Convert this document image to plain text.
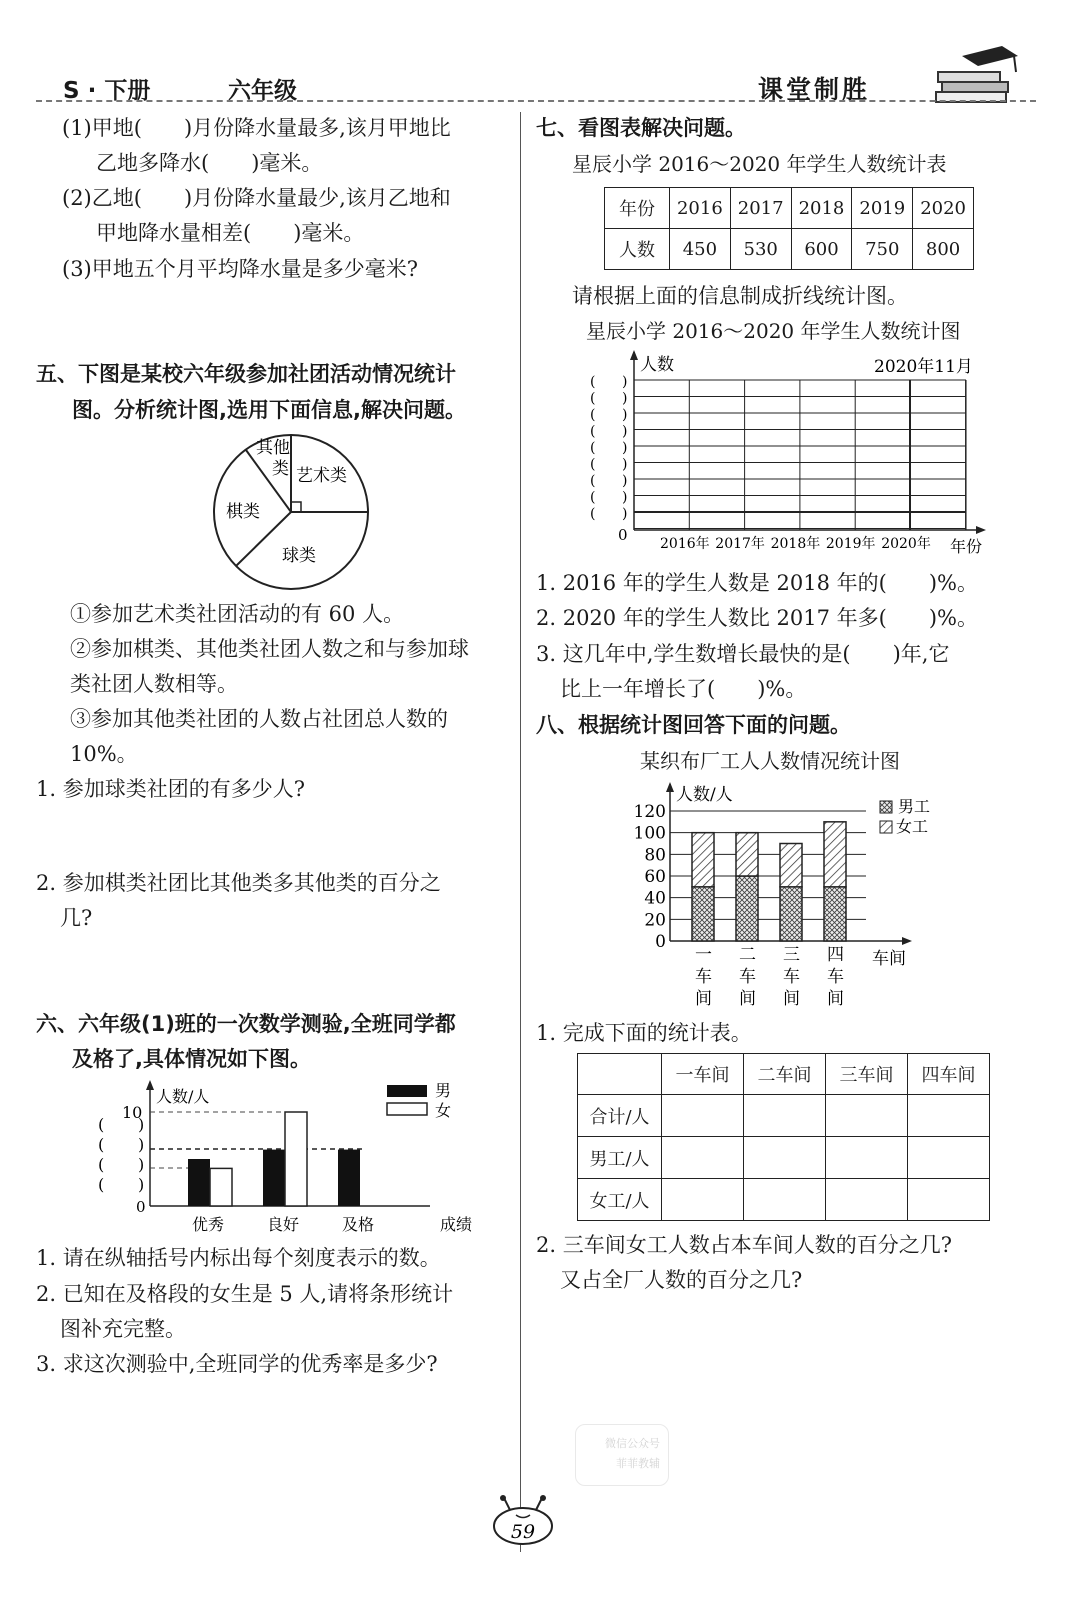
S · 下册	六年级	课堂制胜
(1)甲地(　　)月份降水量最多,该月甲地比
乙地多降水(　　)毫米。
(2)乙地(　　)月份降水量最少,该月乙地和
甲地降水量相差(　　)毫米。
(3)甲地五个月平均降水量是多少毫米?
五、下图是某校六年级参加社团活动情况统计
图。分析统计图,选用下面信息,解决问题。
其他
类 艺术类
棋类
球类
①参加艺术类社团活动的有 60 人。
②参加棋类、其他类社团人数之和与参加球
类社团人数相等。
③参加其他类社团的人数占社团总人数的
10%。
1. 参加球类社团的有多少人?
2. 参加棋类社团比其他类多其他类的百分之
几?
六、六年级(1)班的一次数学测验,全班同学都
及格了,具体情况如下图。
人数/人
10
0
( )
( )
( )
( )
男
女
优秀	良好	及格	成绩
1. 请在纵轴括号内标出每个刻度表示的数。
2. 已知在及格段的女生是 5 人,请将条形统计
图补充完整。
3. 求这次测验中,全班同学的优秀率是多少?
七、看图表解决问题。
星辰小学 2016～2020 年学生人数统计表
年份	2016	2017	2018	2019	2020
人数	450	530	600	750	800
请根据上面的信息制成折线统计图。
星辰小学 2016～2020 年学生人数统计图
人数	2020年11月
0
( )
( )
( )
( )
( )
( )
( )
( )
( )
2016年 2017年 2018年 2019年 2020年 年份
1. 2016 年的学生人数是 2018 年的(　　)%。
2. 2020 年的学生人数比 2017 年多(　　)%。
3. 这几年中,学生数增长最快的是(　　)年,它
比上一年增长了(　　)%。
八、根据统计图回答下面的问题。
某织布厂工人人数情况统计图
人数/人
0
20
40
60
80
100
120
一
车
间
二
车
间
三
车
间
四
车
间
车间
男工
女工
1. 完成下面的统计表。
	一车间	二车间	三车间	四车间
合计/人				
男工/人				
女工/人				
2. 三车间女工人数占本车间人数的百分之几?
又占全厂人数的百分之几?
微信公众号
菲菲教辅
59
